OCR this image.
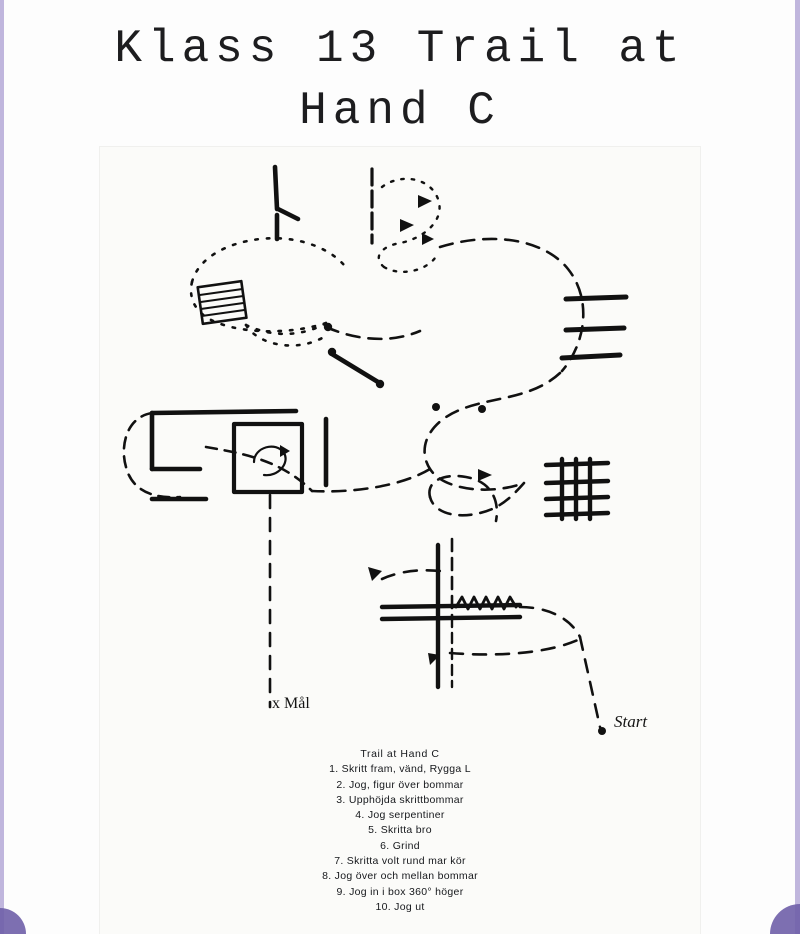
Klass 13 Trail at
Hand C
x Mål
Start
Trail at Hand C
1. Skritt fram, vänd, Rygga L
2. Jog, figur över bommar
3. Upphöjda skrittbommar
4. Jog serpentiner
5. Skritta bro
6. Grind
7. Skritta volt rund mar kör
8. Jog över och mellan bommar
9. Jog in i box 360° höger
10. Jog ut
